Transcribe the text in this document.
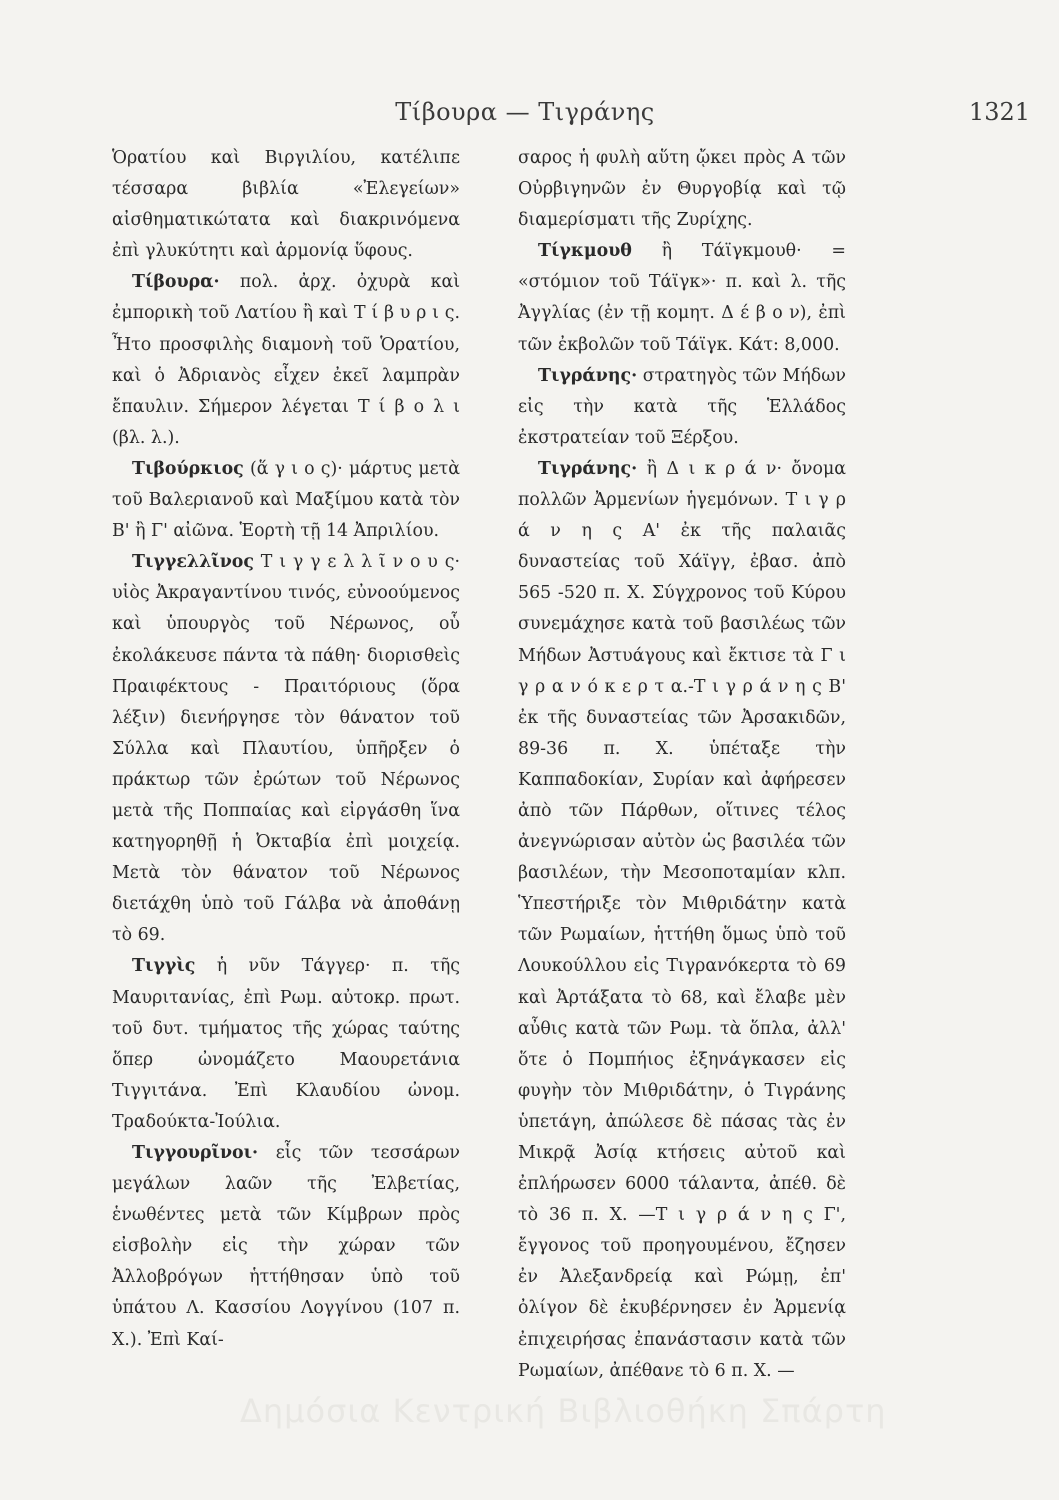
Τίβουρα — Τιγράνης	1321

Ὁρατίου καὶ Βιργιλίου, κατέλιπε τέσσαρα βιβλία «Ἐλεγείων» αἰσθηματικώτατα καὶ διακρινόμενα ἐπὶ γλυκύτητι καὶ ἁρμονίᾳ ὕφους.

Τίβουρα· πολ. ἀρχ. ὀχυρὰ καὶ ἐμπορικὴ τοῦ Λατίου ἢ καὶ Τ ί β υ ρ ι ς. Ἦτο προσφιλὴς διαμονὴ τοῦ Ὁρατίου, καὶ ὁ Ἀδριανὸς εἶχεν ἐκεῖ λαμπρὰν ἔπαυλιν. Σήμερον λέγεται Τ ί β ο λ ι (βλ. λ.).

Τιβούρκιος (ἅ γ ι ο ς)· μάρτυς μετὰ τοῦ Βαλεριανοῦ καὶ Μαξίμου κατὰ τὸν Β' ἢ Γ' αἰῶνα. Ἑορτὴ τῇ 14 Ἀπριλίου.

Τιγγελλῖνος Τ ι γ γ ε λ λ ῖ ν ο υ ς· υἱὸς Ἀκραγαντίνου τινός, εὐνοούμενος καὶ ὑπουργὸς τοῦ Νέρωνος, οὗ ἐκολάκευσε πάντα τὰ πάθη· διορισθεὶς Πραιφέκτους - Πραιτόριους (ὅρα λέξιν) διενήργησε τὸν θάνατον τοῦ Σύλλα καὶ Πλαυτίου, ὑπῆρξεν ὁ πράκτωρ τῶν ἐρώτων τοῦ Νέρωνος μετὰ τῆς Ποππαίας καὶ εἰργάσθη ἵνα κατηγορηθῇ ἡ Ὀκταβία ἐπὶ μοιχείᾳ. Μετὰ τὸν θάνατον τοῦ Νέρωνος διετάχθη ὑπὸ τοῦ Γάλβα νὰ ἀποθάνῃ τὸ 69.

Τιγγὶς ἡ νῦν Τάγγερ· π. τῆς Μαυριτανίας, ἐπὶ Ρωμ. αὐτοκρ. πρωτ. τοῦ δυτ. τμήματος τῆς χώρας ταύτης ὅπερ ὠνομάζετο Μαουρετάνια Τιγγιτάνα. Ἐπὶ Κλαυδίου ὠνομ. Τραδούκτα-Ἰούλια.

Τιγγουρῖνοι· εἷς τῶν τεσσάρων μεγάλων λαῶν τῆς Ἐλβετίας, ἑνωθέντες μετὰ τῶν Κίμβρων πρὸς εἰσβολὴν εἰς τὴν χώραν τῶν Ἀλλοβρόγων ἡττήθησαν ὑπὸ τοῦ ὑπάτου Λ. Κασσίου Λογγίνου (107 π. Χ.). Ἐπὶ Καί-

σαρος ἡ φυλὴ αὕτη ᾤκει πρὸς Α τῶν Οὐρβιγηνῶν ἐν Θυργοβίᾳ καὶ τῷ διαμερίσματι τῆς Ζυρίχης.

Τίγκμουθ ἢ Τάϊγκμουθ· = «στόμιον τοῦ Τάϊγκ»· π. καὶ λ. τῆς Ἀγγλίας (ἐν τῇ κομητ. Δ έ β ο ν), ἐπὶ τῶν ἐκβολῶν τοῦ Τάϊγκ. Κάτ: 8,000.

Τιγράνης· στρατηγὸς τῶν Μήδων εἰς τὴν κατὰ τῆς Ἑλλάδος ἐκστρατείαν τοῦ Ξέρξου.

Τιγράνης· ἢ Δ ι κ ρ ά ν· ὄνομα πολλῶν Ἀρμενίων ἡγεμόνων. Τ ι γ ρ ά ν η ς Α' ἐκ τῆς παλαιᾶς δυναστείας τοῦ Χάϊγγ, ἐβασ. ἀπὸ 565 -520 π. Χ. Σύγχρονος τοῦ Κύρου συνεμάχησε κατὰ τοῦ βασιλέως τῶν Μήδων Ἀστυάγους καὶ ἔκτισε τὰ Γ ι γ ρ α ν ό κ ε ρ τ α.-Τ ι γ ρ ά ν η ς Β' ἐκ τῆς δυναστείας τῶν Ἀρσακιδῶν, 89-36 π. Χ. ὑπέταξε τὴν Καππαδοκίαν, Συρίαν καὶ ἀφήρεσεν ἀπὸ τῶν Πάρθων, οἵτινες τέλος ἀνεγνώρισαν αὐτὸν ὡς βασιλέα τῶν βασιλέων, τὴν Μεσοποταμίαν κλπ. Ὑπεστήριξε τὸν Μιθριδάτην κατὰ τῶν Ρωμαίων, ἡττήθη ὅμως ὑπὸ τοῦ Λουκούλλου εἰς Τιγρανόκερτα τὸ 69 καὶ Ἀρτάξατα τὸ 68, καὶ ἔλαβε μὲν αὖθις κατὰ τῶν Ρωμ. τὰ ὅπλα, ἀλλ' ὅτε ὁ Πομπήιος ἐξηνάγκασεν εἰς φυγὴν τὸν Μιθριδάτην, ὁ Τιγράνης ὑπετάγη, ἀπώλεσε δὲ πάσας τὰς ἐν Μικρᾷ Ἀσίᾳ κτήσεις αὐτοῦ καὶ ἐπλήρωσεν 6000 τάλαντα, ἀπέθ. δὲ τὸ 36 π. Χ. —Τ ι γ ρ ά ν η ς Γ', ἔγγονος τοῦ προηγουμένου, ἔζησεν ἐν Ἀλεξανδρείᾳ καὶ Ρώμῃ, ἐπ' ὀλίγον δὲ ἐκυβέρνησεν ἐν Ἀρμενίᾳ ἐπιχειρήσας ἐπανάστασιν κατὰ τῶν Ρωμαίων, ἀπέθανε τὸ 6 π. Χ. —

Δημόσια Κεντρική Βιβλιοθήκη Σπάρτη
